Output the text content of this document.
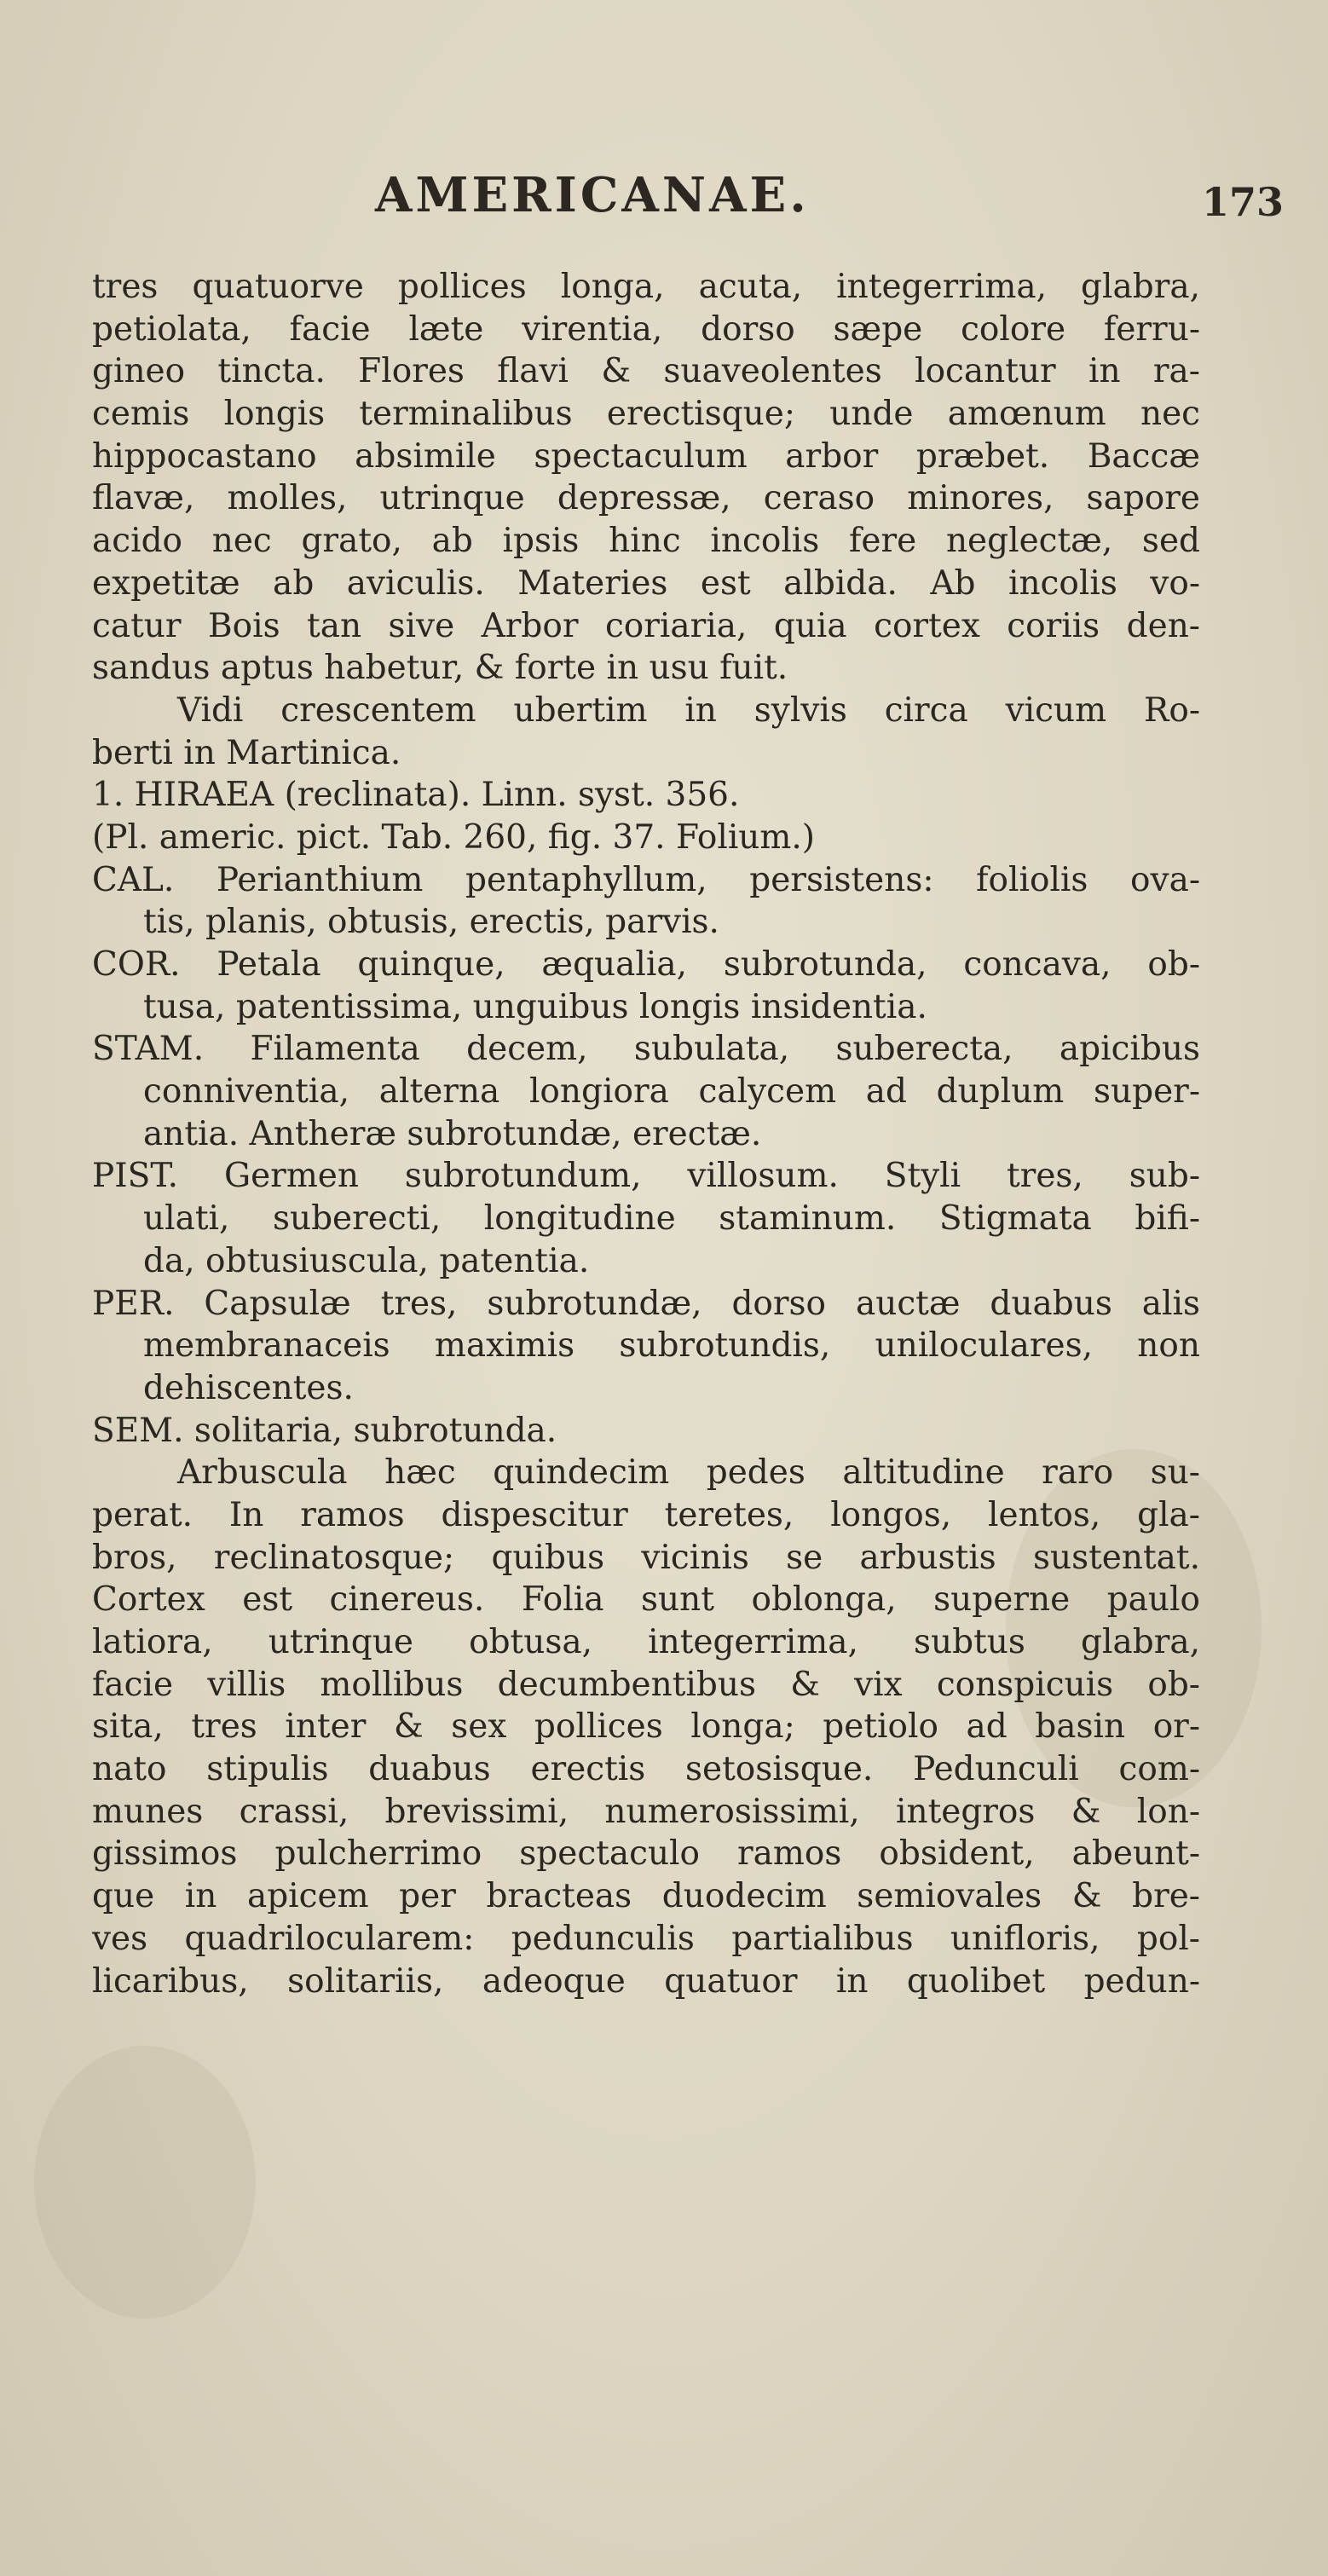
AMERICANAE.	173
tres quatuorve pollices longa, acuta, integerrima, glabra,
petiolata, facie læte virentia, dorso sæpe colore ferru-
gineo tincta. Flores flavi & suaveolentes locantur in ra-
cemis longis terminalibus erectisque; unde amœnum nec
hippocastano absimile spectaculum arbor præbet. Baccæ
flavæ, molles, utrinque depressæ, ceraso minores, sapore
acido nec grato, ab ipsis hinc incolis fere neglectæ, sed
expetitæ ab aviculis. Materies est albida. Ab incolis vo-
catur Bois tan sive Arbor coriaria, quia cortex coriis den-
sandus aptus habetur, & forte in usu fuit.
Vidi crescentem ubertim in sylvis circa vicum Ro-
berti in Martinica.
1. HIRAEA (reclinata). Linn. syst. 356.
(Pl. americ. pict. Tab. 260, fig. 37. Folium.)
CAL. Perianthium pentaphyllum, persistens: foliolis ova-
tis, planis, obtusis, erectis, parvis.
COR. Petala quinque, æqualia, subrotunda, concava, ob-
tusa, patentissima, unguibus longis insidentia.
STAM. Filamenta decem, subulata, suberecta, apicibus
conniventia, alterna longiora calycem ad duplum super-
antia. Antheræ subrotundæ, erectæ.
PIST. Germen subrotundum, villosum. Styli tres, sub-
ulati, suberecti, longitudine staminum. Stigmata bifi-
da, obtusiuscula, patentia.
PER. Capsulæ tres, subrotundæ, dorso auctæ duabus alis
membranaceis maximis subrotundis, uniloculares, non
dehiscentes.
SEM. solitaria, subrotunda.
Arbuscula hæc quindecim pedes altitudine raro su-
perat. In ramos dispescitur teretes, longos, lentos, gla-
bros, reclinatosque; quibus vicinis se arbustis sustentat.
Cortex est cinereus. Folia sunt oblonga, superne paulo
latiora, utrinque obtusa, integerrima, subtus glabra,
facie villis mollibus decumbentibus & vix conspicuis ob-
sita, tres inter & sex pollices longa; petiolo ad basin or-
nato stipulis duabus erectis setosisque. Pedunculi com-
munes crassi, brevissimi, numerosissimi, integros & lon-
gissimos pulcherrimo spectaculo ramos obsident, abeunt-
que in apicem per bracteas duodecim semiovales & bre-
ves quadrilocularem: pedunculis partialibus unifloris, pol-
licaribus, solitariis, adeoque quatuor in quolibet pedun-
